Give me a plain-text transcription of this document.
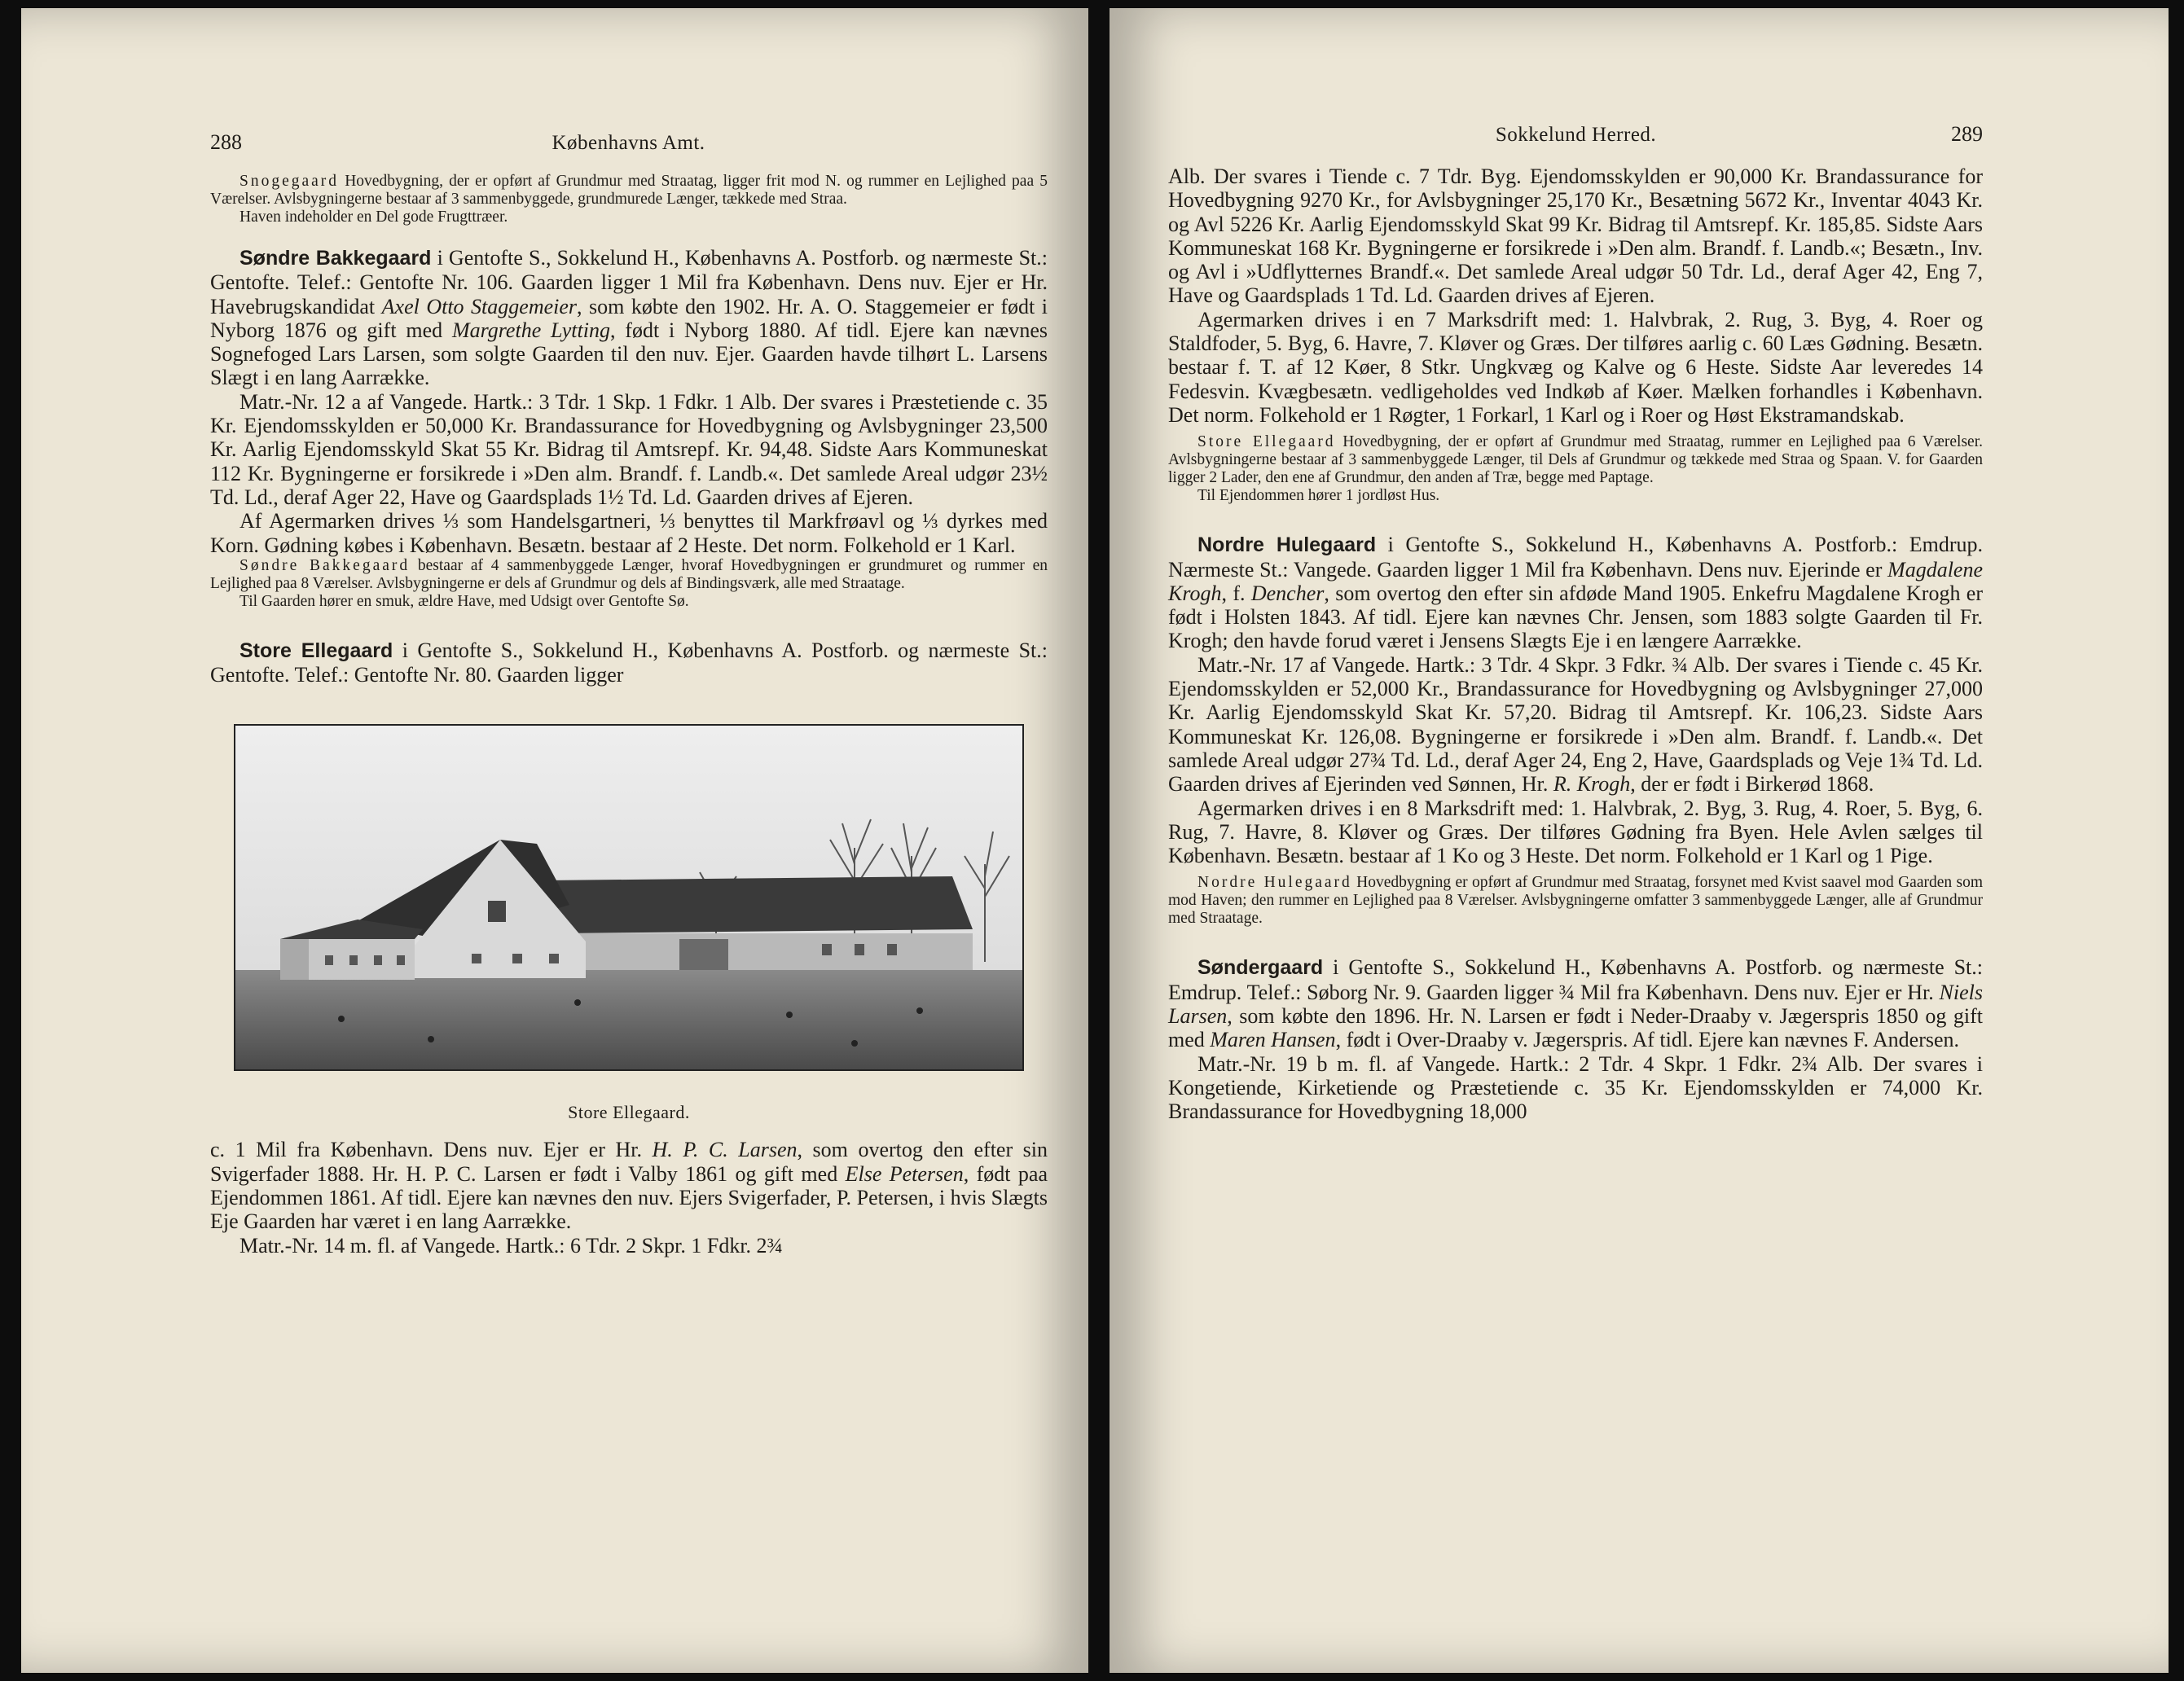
288	Københavns Amt.

Snogegaard Hovedbygning, der er opført af Grundmur med Straatag, ligger frit mod N. og rummer en Lejlighed paa 5 Værelser. Avlsbygningerne bestaar af 3 sammenbyggede, grundmurede Længer, tækkede med Straa.

Haven indeholder en Del gode Frugttræer.

Søndre Bakkegaard i Gentofte S., Sokkelund H., Københavns A. Postforb. og nærmeste St.: Gentofte. Telef.: Gentofte Nr. 106. Gaarden ligger 1 Mil fra København. Dens nuv. Ejer er Hr. Havebrugskandidat Axel Otto Staggemeier, som købte den 1902. Hr. A. O. Staggemeier er født i Nyborg 1876 og gift med Margrethe Lytting, født i Nyborg 1880. Af tidl. Ejere kan nævnes Sognefoged Lars Larsen, som solgte Gaarden til den nuv. Ejer. Gaarden havde tilhørt L. Larsens Slægt i en lang Aarrække.

Matr.-Nr. 12 a af Vangede. Hartk.: 3 Tdr. 1 Skp. 1 Fdkr. 1 Alb. Der svares i Præstetiende c. 35 Kr. Ejendomsskylden er 50,000 Kr. Brandassurance for Hovedbygning og Avlsbygninger 23,500 Kr. Aarlig Ejendomsskyld Skat 55 Kr. Bidrag til Amtsrepf. Kr. 94,48. Sidste Aars Kommuneskat 112 Kr. Bygningerne er forsikrede i »Den alm. Brandf. f. Landb.«. Det samlede Areal udgør 23½ Td. Ld., deraf Ager 22, Have og Gaardsplads 1½ Td. Ld. Gaarden drives af Ejeren.

Af Agermarken drives ⅓ som Handelsgartneri, ⅓ benyttes til Markfrøavl og ⅓ dyrkes med Korn. Gødning købes i København. Besætn. bestaar af 2 Heste. Det norm. Folkehold er 1 Karl.

Søndre Bakkegaard bestaar af 4 sammenbyggede Længer, hvoraf Hovedbygningen er grundmuret og rummer en Lejlighed paa 8 Værelser. Avlsbygningerne er dels af Grundmur og dels af Bindingsværk, alle med Straatage.

Til Gaarden hører en smuk, ældre Have, med Udsigt over Gentofte Sø.

Store Ellegaard i Gentofte S., Sokkelund H., Københavns A. Postforb. og nærmeste St.: Gentofte. Telef.: Gentofte Nr. 80. Gaarden ligger

Store Ellegaard.

c. 1 Mil fra København. Dens nuv. Ejer er Hr. H. P. C. Larsen, som overtog den efter sin Svigerfader 1888. Hr. H. P. C. Larsen er født i Valby 1861 og gift med Else Petersen, født paa Ejendommen 1861. Af tidl. Ejere kan nævnes den nuv. Ejers Svigerfader, P. Petersen, i hvis Slægts Eje Gaarden har været i en lang Aarrække.

Matr.-Nr. 14 m. fl. af Vangede. Hartk.: 6 Tdr. 2 Skpr. 1 Fdkr. 2¾

Sokkelund Herred.	289

Alb. Der svares i Tiende c. 7 Tdr. Byg. Ejendomsskylden er 90,000 Kr. Brandassurance for Hovedbygning 9270 Kr., for Avlsbygninger 25,170 Kr., Besætning 5672 Kr., Inventar 4043 Kr. og Avl 5226 Kr. Aarlig Ejendomsskyld Skat 99 Kr. Bidrag til Amtsrepf. Kr. 185,85. Sidste Aars Kommuneskat 168 Kr. Bygningerne er forsikrede i »Den alm. Brandf. f. Landb.«; Besætn., Inv. og Avl i »Udflytternes Brandf.«. Det samlede Areal udgør 50 Tdr. Ld., deraf Ager 42, Eng 7, Have og Gaardsplads 1 Td. Ld. Gaarden drives af Ejeren.

Agermarken drives i en 7 Marksdrift med: 1. Halvbrak, 2. Rug, 3. Byg, 4. Roer og Staldfoder, 5. Byg, 6. Havre, 7. Kløver og Græs. Der tilføres aarlig c. 60 Læs Gødning. Besætn. bestaar f. T. af 12 Køer, 8 Stkr. Ungkvæg og Kalve og 6 Heste. Sidste Aar leveredes 14 Fedesvin. Kvægbesætn. vedligeholdes ved Indkøb af Køer. Mælken forhandles i København. Det norm. Folkehold er 1 Røgter, 1 Forkarl, 1 Karl og i Roer og Høst Ekstramandskab.

Store Ellegaard Hovedbygning, der er opført af Grundmur med Straatag, rummer en Lejlighed paa 6 Værelser. Avlsbygningerne bestaar af 3 sammenbyggede Længer, til Dels af Grundmur og tækkede med Straa og Spaan. V. for Gaarden ligger 2 Lader, den ene af Grundmur, den anden af Træ, begge med Paptage.

Til Ejendommen hører 1 jordløst Hus.

Nordre Hulegaard i Gentofte S., Sokkelund H., Københavns A. Postforb.: Emdrup. Nærmeste St.: Vangede. Gaarden ligger 1 Mil fra København. Dens nuv. Ejerinde er Magdalene Krogh, f. Dencher, som overtog den efter sin afdøde Mand 1905. Enkefru Magdalene Krogh er født i Holsten 1843. Af tidl. Ejere kan nævnes Chr. Jensen, som 1883 solgte Gaarden til Fr. Krogh; den havde forud været i Jensens Slægts Eje i en længere Aarrække.

Matr.-Nr. 17 af Vangede. Hartk.: 3 Tdr. 4 Skpr. 3 Fdkr. ¾ Alb. Der svares i Tiende c. 45 Kr. Ejendomsskylden er 52,000 Kr., Brandassurance for Hovedbygning og Avlsbygninger 27,000 Kr. Aarlig Ejendomsskyld Skat Kr. 57,20. Bidrag til Amtsrepf. Kr. 106,23. Sidste Aars Kommuneskat Kr. 126,08. Bygningerne er forsikrede i »Den alm. Brandf. f. Landb.«. Det samlede Areal udgør 27¾ Td. Ld., deraf Ager 24, Eng 2, Have, Gaardsplads og Veje 1¾ Td. Ld. Gaarden drives af Ejerinden ved Sønnen, Hr. R. Krogh, der er født i Birkerød 1868.

Agermarken drives i en 8 Marksdrift med: 1. Halvbrak, 2. Byg, 3. Rug, 4. Roer, 5. Byg, 6. Rug, 7. Havre, 8. Kløver og Græs. Der tilføres Gødning fra Byen. Hele Avlen sælges til København. Besætn. bestaar af 1 Ko og 3 Heste. Det norm. Folkehold er 1 Karl og 1 Pige.

Nordre Hulegaard Hovedbygning er opført af Grundmur med Straatag, forsynet med Kvist saavel mod Gaarden som mod Haven; den rummer en Lejlighed paa 8 Værelser. Avlsbygningerne omfatter 3 sammenbyggede Længer, alle af Grundmur med Straatage.

Søndergaard i Gentofte S., Sokkelund H., Københavns A. Postforb. og nærmeste St.: Emdrup. Telef.: Søborg Nr. 9. Gaarden ligger ¾ Mil fra København. Dens nuv. Ejer er Hr. Niels Larsen, som købte den 1896. Hr. N. Larsen er født i Neder-Draaby v. Jægerspris 1850 og gift med Maren Hansen, født i Over-Draaby v. Jægerspris. Af tidl. Ejere kan nævnes F. Andersen.

Matr.-Nr. 19 b m. fl. af Vangede. Hartk.: 2 Tdr. 4 Skpr. 1 Fdkr. 2¾ Alb. Der svares i Kongetiende, Kirketiende og Præstetiende c. 35 Kr. Ejendomsskylden er 74,000 Kr. Brandassurance for Hovedbygning 18,000
